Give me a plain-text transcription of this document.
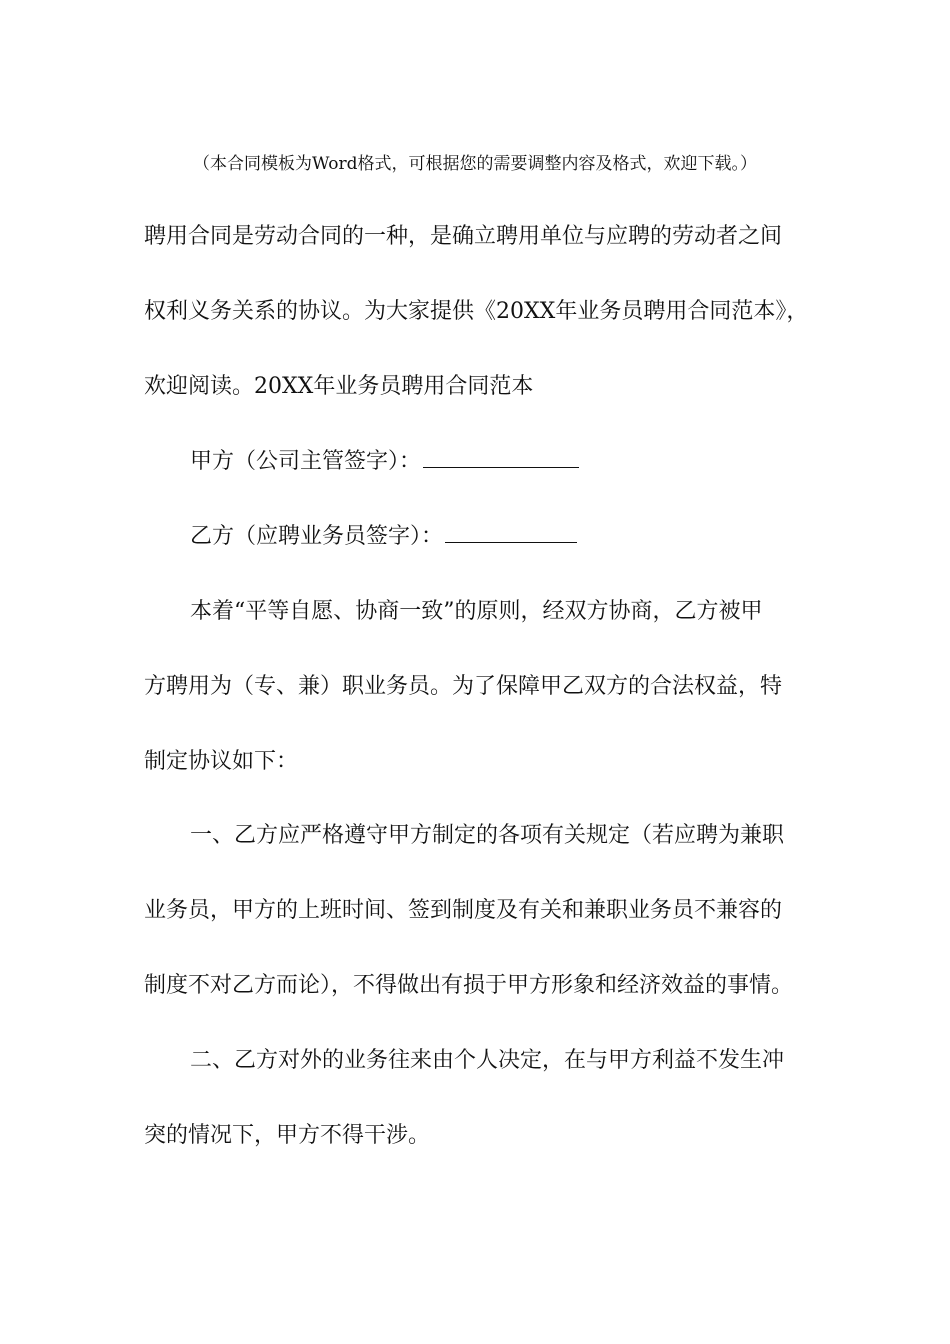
（本合同模板为Word格式，可根据您的需要调整内容及格式，欢迎下载。）
聘用合同是劳动合同的一种，是确立聘用单位与应聘的劳动者之间
权利义务关系的协议。为大家提供《20XX年业务员聘用合同范本》，
欢迎阅读。20XX年业务员聘用合同范本
甲方（公司主管签字）：
乙方（应聘业务员签字）：
本着“平等自愿、协商一致”的原则，经双方协商，乙方被甲
方聘用为（专、兼）职业务员。为了保障甲乙双方的合法权益，特
制定协议如下：
一、乙方应严格遵守甲方制定的各项有关规定（若应聘为兼职
业务员，甲方的上班时间、签到制度及有关和兼职业务员不兼容的
制度不对乙方而论），不得做出有损于甲方形象和经济效益的事情。
二、乙方对外的业务往来由个人决定，在与甲方利益不发生冲
突的情况下，甲方不得干涉。
